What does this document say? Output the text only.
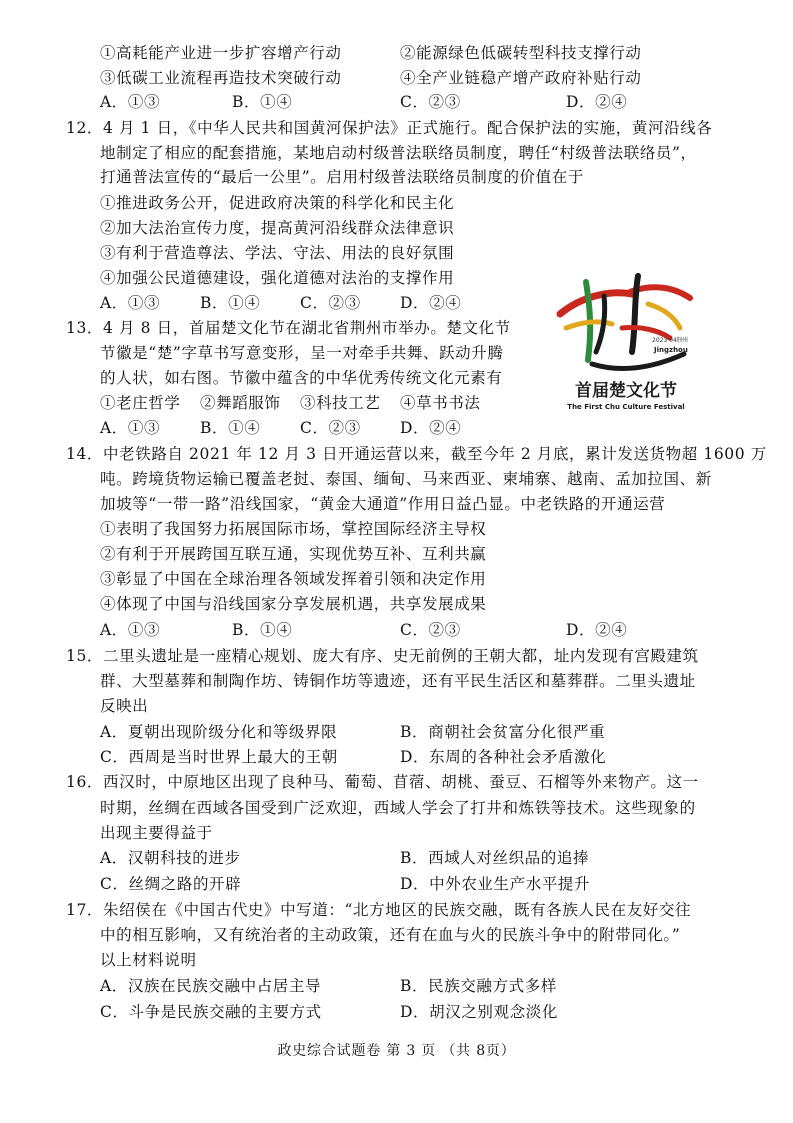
①高耗能产业进一步扩容增产行动	②能源绿色低碳转型科技支撑行动
③低碳工业流程再造技术突破行动	④全产业链稳产增产政府补贴行动
A．①③	B．①④	C．②③	D．②④
12．4 月 1 日，《中华人民共和国黄河保护法》正式施行。配合保护法的实施，黄河沿线各
地制定了相应的配套措施，某地启动村级普法联络员制度，聘任“村级普法联络员”，
打通普法宣传的“最后一公里”。启用村级普法联络员制度的价值在于
①推进政务公开，促进政府决策的科学化和民主化
②加大法治宣传力度，提高黄河沿线群众法律意识
③有利于营造尊法、学法、守法、用法的良好氛围
④加强公民道德建设，强化道德对法治的支撑作用
A．①③	B．①④	C．②③	D．②④
13．4 月 8 日，首届楚文化节在湖北省荆州市举办。楚文化节
节徽是“楚”字草书写意变形，呈一对牵手共舞、跃动升腾
的人状，如右图。节徽中蕴含的中华优秀传统文化元素有
①老庄哲学 ②舞蹈服饰 ③科技工艺 ④草书书法
A．①③	B．①④	C．②③	D．②④
2023·04 荆州
Jingzhou
首届楚文化节
The First Chu Culture Festival
14．中老铁路自 2021 年 12 月 3 日开通运营以来，截至今年 2 月底，累计发送货物超 1600 万
吨。跨境货物运输已覆盖老挝、泰国、缅甸、马来西亚、柬埔寨、越南、孟加拉国、新
加坡等“一带一路”沿线国家，“黄金大通道”作用日益凸显。中老铁路的开通运营
①表明了我国努力拓展国际市场，掌控国际经济主导权
②有利于开展跨国互联互通，实现优势互补、互利共赢
③彰显了中国在全球治理各领域发挥着引领和决定作用
④体现了中国与沿线国家分享发展机遇，共享发展成果
A．①③	B．①④	C．②③	D．②④
15．二里头遗址是一座精心规划、庞大有序、史无前例的王朝大都，址内发现有宫殿建筑
群、大型墓葬和制陶作坊、铸铜作坊等遗迹，还有平民生活区和墓葬群。二里头遗址
反映出
A．夏朝出现阶级分化和等级界限	B．商朝社会贫富分化很严重
C．西周是当时世界上最大的王朝	D．东周的各种社会矛盾激化
16．西汉时，中原地区出现了良种马、葡萄、苜蓿、胡桃、蚕豆、石榴等外来物产。这一
时期，丝绸在西域各国受到广泛欢迎，西域人学会了打井和炼铁等技术。这些现象的
出现主要得益于
A．汉朝科技的进步	B．西域人对丝织品的追捧
C．丝绸之路的开辟	D．中外农业生产水平提升
17．朱绍侯在《中国古代史》中写道：“北方地区的民族交融，既有各族人民在友好交往
中的相互影响，又有统治者的主动政策，还有在血与火的民族斗争中的附带同化。”
以上材料说明
A．汉族在民族交融中占居主导	B．民族交融方式多样
C．斗争是民族交融的主要方式	D．胡汉之别观念淡化
政史综合试题卷 第 3 页 （共 8页）
